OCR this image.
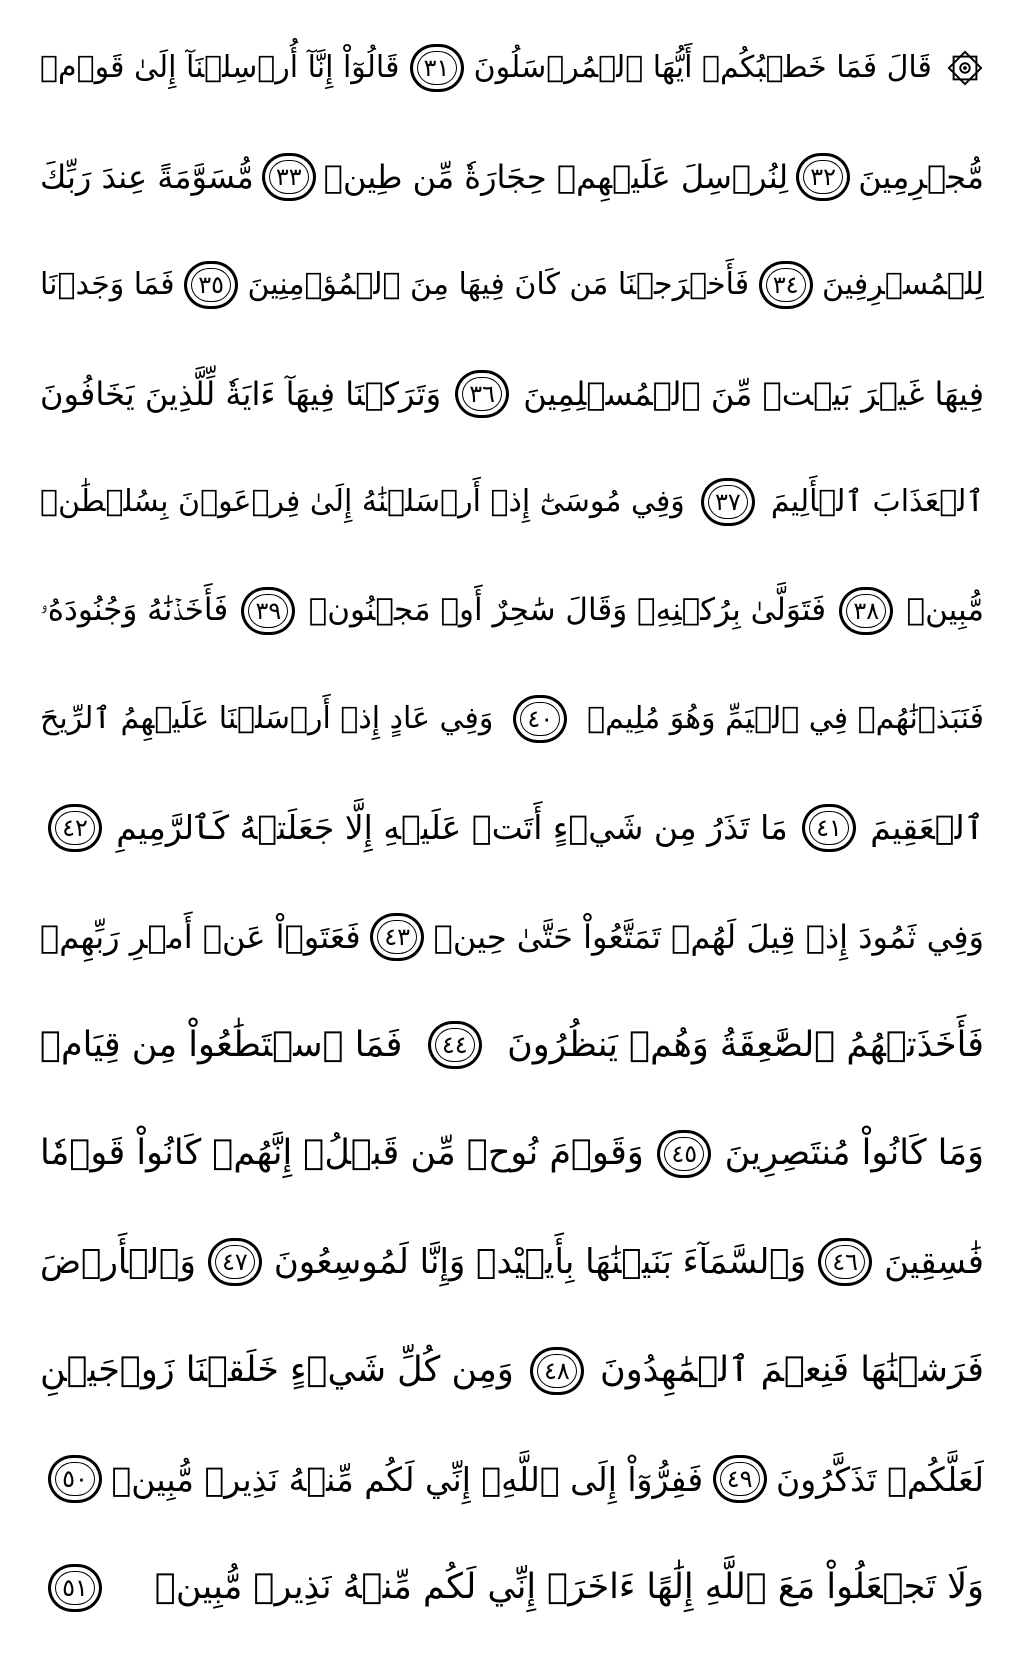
قَالَ فَمَا خَطۡبُكُمۡ أَيُّهَا ٱلۡمُرۡسَلُونَ
٣١
قَالُوٓاْ إِنَّآ أُرۡسِلۡنَآ إِلَىٰ قَوۡمٖ
مُّجۡرِمِينَ
٣٢
لِنُرۡسِلَ عَلَيۡهِمۡ حِجَارَةٗ مِّن طِينٖ
٣٣
مُّسَوَّمَةً عِندَ رَبِّكَ
لِلۡمُسۡرِفِينَ
٣٤
فَأَخۡرَجۡنَا مَن كَانَ فِيهَا مِنَ ٱلۡمُؤۡمِنِينَ
٣٥
فَمَا وَجَدۡنَا
فِيهَا غَيۡرَ بَيۡتٖ مِّنَ ٱلۡمُسۡلِمِينَ
٣٦
وَتَرَكۡنَا فِيهَآ ءَايَةٗ لِّلَّذِينَ يَخَافُونَ
ٱلۡعَذَابَ ٱلۡأَلِيمَ
٣٧
وَفِي مُوسَىٰٓ إِذۡ أَرۡسَلۡنَٰهُ إِلَىٰ فِرۡعَوۡنَ بِسُلۡطَٰنٖ
مُّبِينٖ
٣٨
فَتَوَلَّىٰ بِرُكۡنِهِۦ وَقَالَ سَٰحِرٌ أَوۡ مَجۡنُونٞ
٣٩
فَأَخَذۡنَٰهُ وَجُنُودَهُۥ
فَنَبَذۡنَٰهُمۡ فِي ٱلۡيَمِّ وَهُوَ مُلِيمٞ
٤٠
وَفِي عَادٍ إِذۡ أَرۡسَلۡنَا عَلَيۡهِمُ ٱلرِّيحَ
ٱلۡعَقِيمَ
٤١
مَا تَذَرُ مِن شَيۡءٍ أَتَتۡ عَلَيۡهِ إِلَّا جَعَلَتۡهُ كَٱلرَّمِيمِ
٤٢
وَفِي ثَمُودَ إِذۡ قِيلَ لَهُمۡ تَمَتَّعُواْ حَتَّىٰ حِينٖ
٤٣
فَعَتَوۡاْ عَنۡ أَمۡرِ رَبِّهِمۡ
فَأَخَذَتۡهُمُ ٱلصَّٰعِقَةُ وَهُمۡ يَنظُرُونَ
٤٤
فَمَا ٱسۡتَطَٰعُواْ مِن قِيَامٖ
وَمَا كَانُواْ مُنتَصِرِينَ
٤٥
وَقَوۡمَ نُوحٖ مِّن قَبۡلُۖ إِنَّهُمۡ كَانُواْ قَوۡمٗا
فَٰسِقِينَ
٤٦
وَٱلسَّمَآءَ بَنَيۡنَٰهَا بِأَيۡيْدٖ وَإِنَّا لَمُوسِعُونَ
٤٧
وَٱلۡأَرۡضَ
فَرَشۡنَٰهَا فَنِعۡمَ ٱلۡمَٰهِدُونَ
٤٨
وَمِن كُلِّ شَيۡءٍ خَلَقۡنَا زَوۡجَيۡنِ
لَعَلَّكُمۡ تَذَكَّرُونَ
٤٩
فَفِرُّوٓاْ إِلَى ٱللَّهِۖ إِنِّي لَكُم مِّنۡهُ نَذِيرٞ مُّبِينٞ
٥٠
وَلَا تَجۡعَلُواْ مَعَ ٱللَّهِ إِلَٰهًا ءَاخَرَۖ إِنِّي لَكُم مِّنۡهُ نَذِيرٞ مُّبِينٞ
٥١
